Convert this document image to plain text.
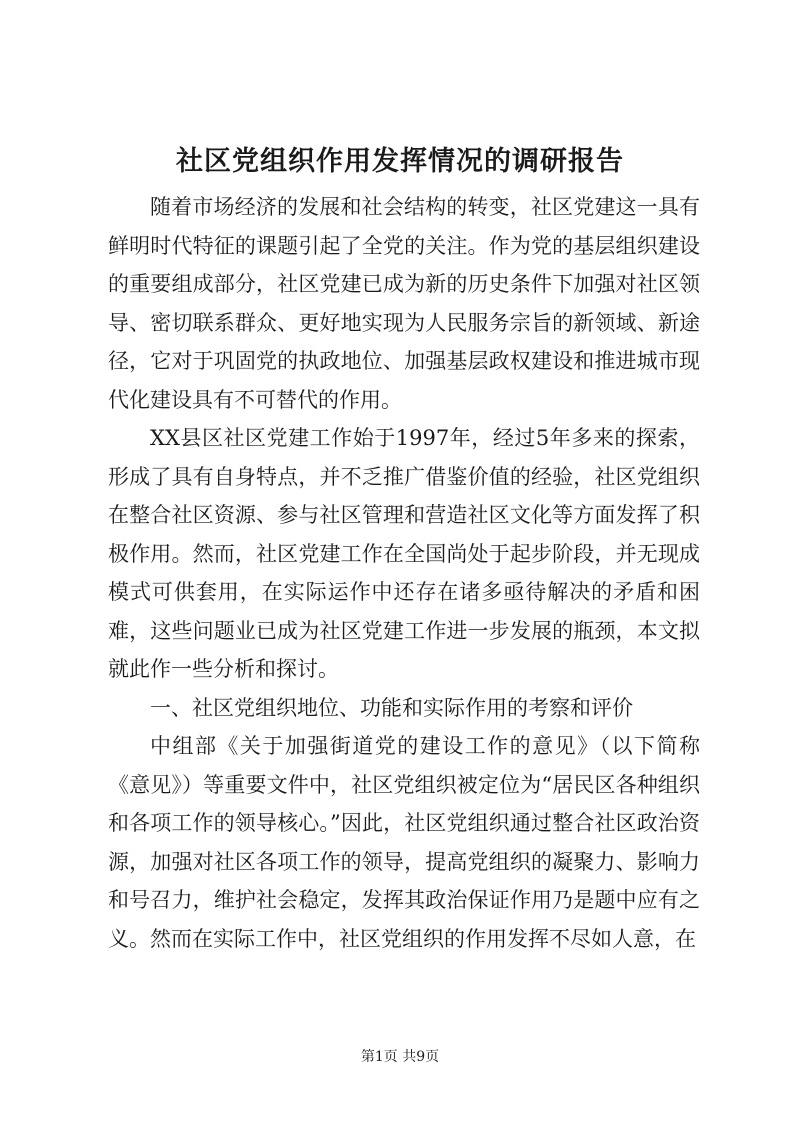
社区党组织作用发挥情况的调研报告

随着市场经济的发展和社会结构的转变，社区党建这一具有鲜明时代特征的课题引起了全党的关注。作为党的基层组织建设的重要组成部分，社区党建已成为新的历史条件下加强对社区领导、密切联系群众、更好地实现为人民服务宗旨的新领域、新途径，它对于巩固党的执政地位、加强基层政权建设和推进城市现代化建设具有不可替代的作用。

XX县区社区党建工作始于1997年，经过5年多来的探索，形成了具有自身特点，并不乏推广借鉴价值的经验，社区党组织在整合社区资源、参与社区管理和营造社区文化等方面发挥了积极作用。然而，社区党建工作在全国尚处于起步阶段，并无现成模式可供套用，在实际运作中还存在诸多亟待解决的矛盾和困难，这些问题业已成为社区党建工作进一步发展的瓶颈，本文拟就此作一些分析和探讨。

一、社区党组织地位、功能和实际作用的考察和评价

中组部《关于加强街道党的建设工作的意见》（以下简称《意见》）等重要文件中，社区党组织被定位为“居民区各种组织和各项工作的领导核心。”因此，社区党组织通过整合社区政治资源，加强对社区各项工作的领导，提高党组织的凝聚力、影响力和号召力，维护社会稳定，发挥其政治保证作用乃是题中应有之义。然而在实际工作中，社区党组织的作用发挥不尽如人意，在

第1页 共9页
